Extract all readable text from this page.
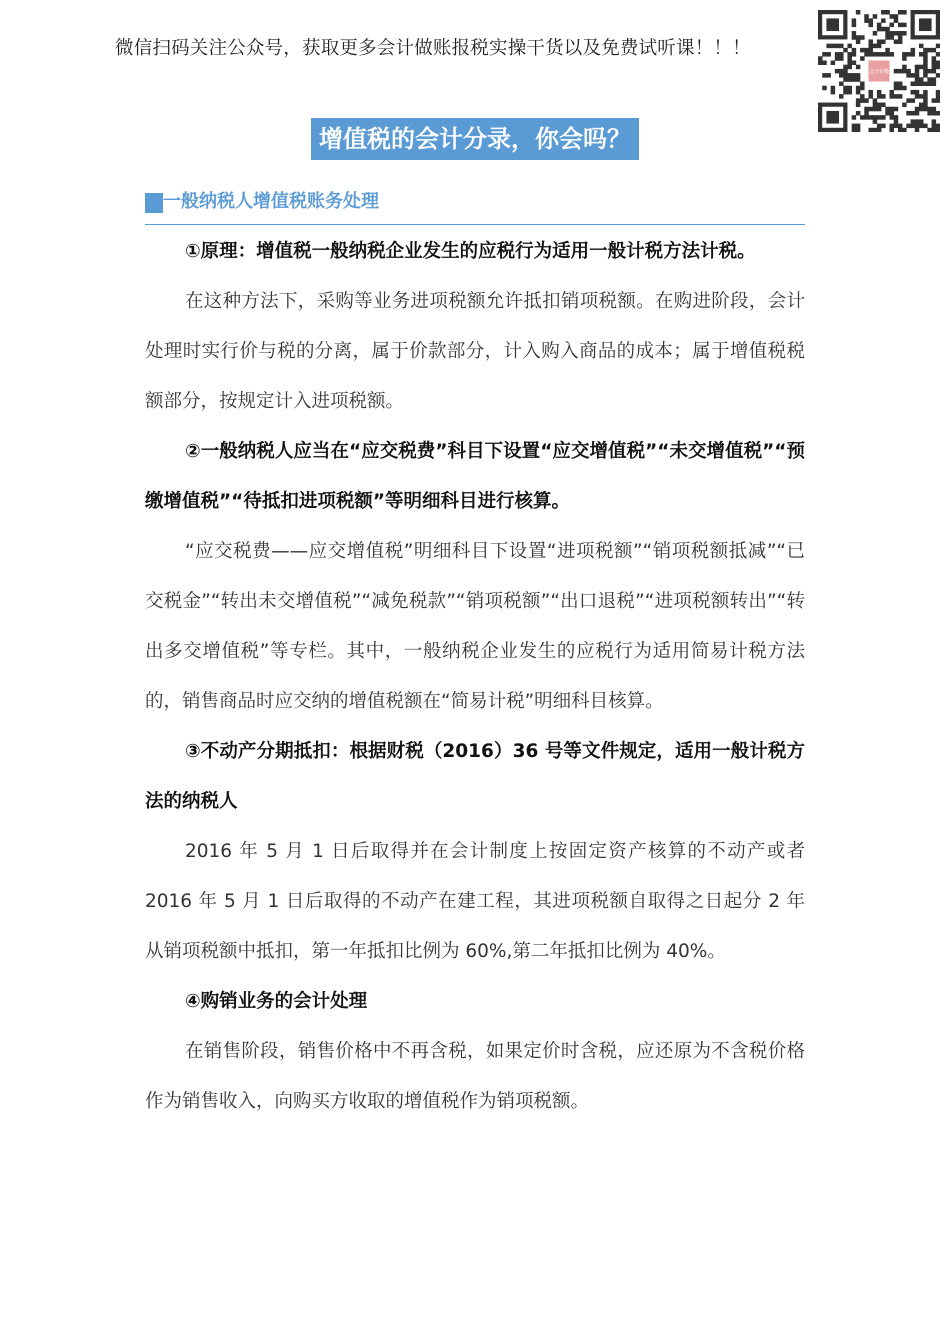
微信扫码关注公众号，获取更多会计做账报税实操干货以及免费试听课！！！
会计实操
增值税的会计分录，你会吗？
一般纳税人增值税账务处理

①原理：增值税一般纳税企业发生的应税行为适用一般计税方法计税。

在这种方法下，采购等业务进项税额允许抵扣销项税额。在购进阶段，会计处理时实行价与税的分离，属于价款部分，计入购入商品的成本；属于增值税税额部分，按规定计入进项税额。

②一般纳税人应当在“应交税费”科目下设置“应交增值税”“未交增值税”“预缴增值税”“待抵扣进项税额”等明细科目进行核算。

“应交税费——应交增值税”明细科目下设置“进项税额”“销项税额抵减”“已交税金”“转出未交增值税”“减免税款”“销项税额”“出口退税”“进项税额转出”“转出多交增值税”等专栏。其中，一般纳税企业发生的应税行为适用简易计税方法的，销售商品时应交纳的增值税额在“简易计税”明细科目核算。

③不动产分期抵扣：根据财税（2016）36 号等文件规定，适用一般计税方法的纳税人

2016 年 5 月 1 日后取得并在会计制度上按固定资产核算的不动产或者 2016 年 5 月 1 日后取得的不动产在建工程，其进项税额自取得之日起分 2 年从销项税额中抵扣，第一年抵扣比例为 60%,第二年抵扣比例为 40%。

④购销业务的会计处理

在销售阶段，销售价格中不再含税，如果定价时含税，应还原为不含税价格作为销售收入，向购买方收取的增值税作为销项税额。
